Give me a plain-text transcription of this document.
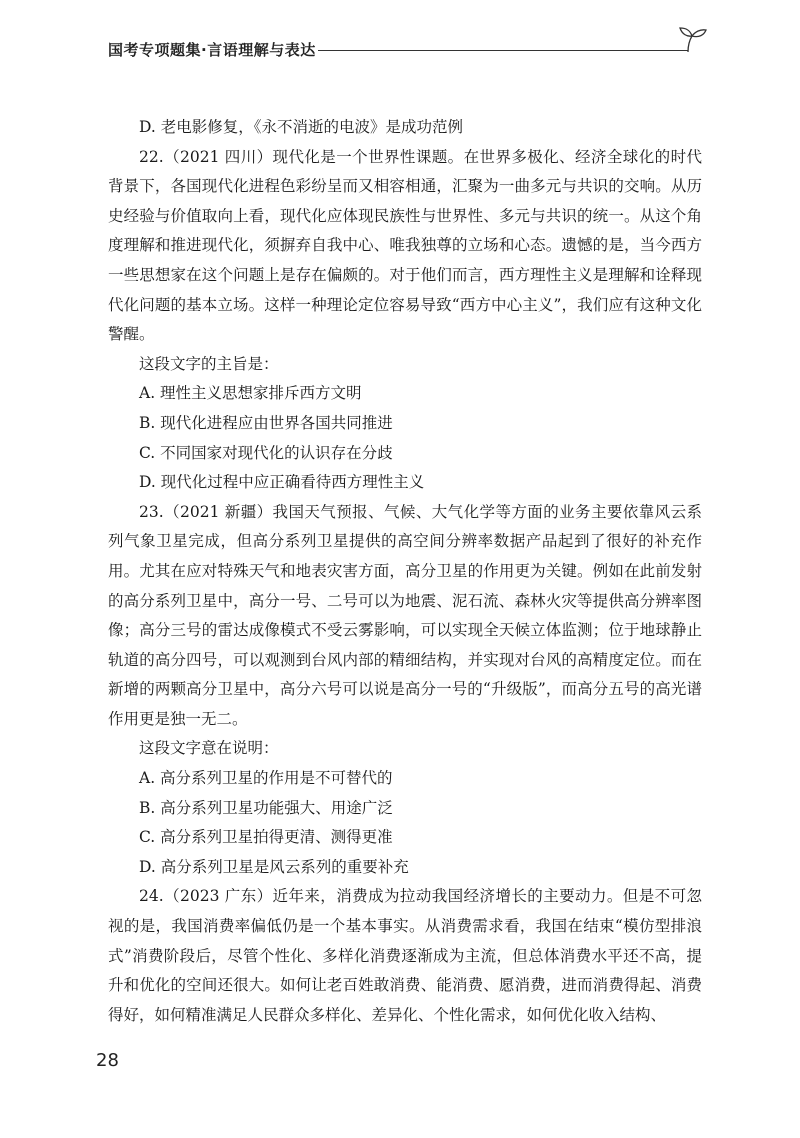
国考专项题集·言语理解与表达

D. 老电影修复，《永不消逝的电波》是成功范例

22.（2021 四川）现代化是一个世界性课题。在世界多极化、经济全球化的时代背景下，各国现代化进程色彩纷呈而又相容相通，汇聚为一曲多元与共识的交响。从历史经验与价值取向上看，现代化应体现民族性与世界性、多元与共识的统一。从这个角度理解和推进现代化，须摒弃自我中心、唯我独尊的立场和心态。遗憾的是，当今西方一些思想家在这个问题上是存在偏颇的。对于他们而言，西方理性主义是理解和诠释现代化问题的基本立场。这样一种理论定位容易导致“西方中心主义”，我们应有这种文化警醒。

这段文字的主旨是：

A. 理性主义思想家排斥西方文明

B. 现代化进程应由世界各国共同推进

C. 不同国家对现代化的认识存在分歧

D. 现代化过程中应正确看待西方理性主义

23.（2021 新疆）我国天气预报、气候、大气化学等方面的业务主要依靠风云系列气象卫星完成，但高分系列卫星提供的高空间分辨率数据产品起到了很好的补充作用。尤其在应对特殊天气和地表灾害方面，高分卫星的作用更为关键。例如在此前发射的高分系列卫星中，高分一号、二号可以为地震、泥石流、森林火灾等提供高分辨率图像；高分三号的雷达成像模式不受云雾影响，可以实现全天候立体监测；位于地球静止轨道的高分四号，可以观测到台风内部的精细结构，并实现对台风的高精度定位。而在新增的两颗高分卫星中，高分六号可以说是高分一号的“升级版”，而高分五号的高光谱作用更是独一无二。

这段文字意在说明：

A. 高分系列卫星的作用是不可替代的

B. 高分系列卫星功能强大、用途广泛

C. 高分系列卫星拍得更清、测得更准

D. 高分系列卫星是风云系列的重要补充

24.（2023 广东）近年来，消费成为拉动我国经济增长的主要动力。但是不可忽视的是，我国消费率偏低仍是一个基本事实。从消费需求看，我国在结束“模仿型排浪式”消费阶段后，尽管个性化、多样化消费逐渐成为主流，但总体消费水平还不高，提升和优化的空间还很大。如何让老百姓敢消费、能消费、愿消费，进而消费得起、消费得好，如何精准满足人民群众多样化、差异化、个性化需求，如何优化收入结构、

28
